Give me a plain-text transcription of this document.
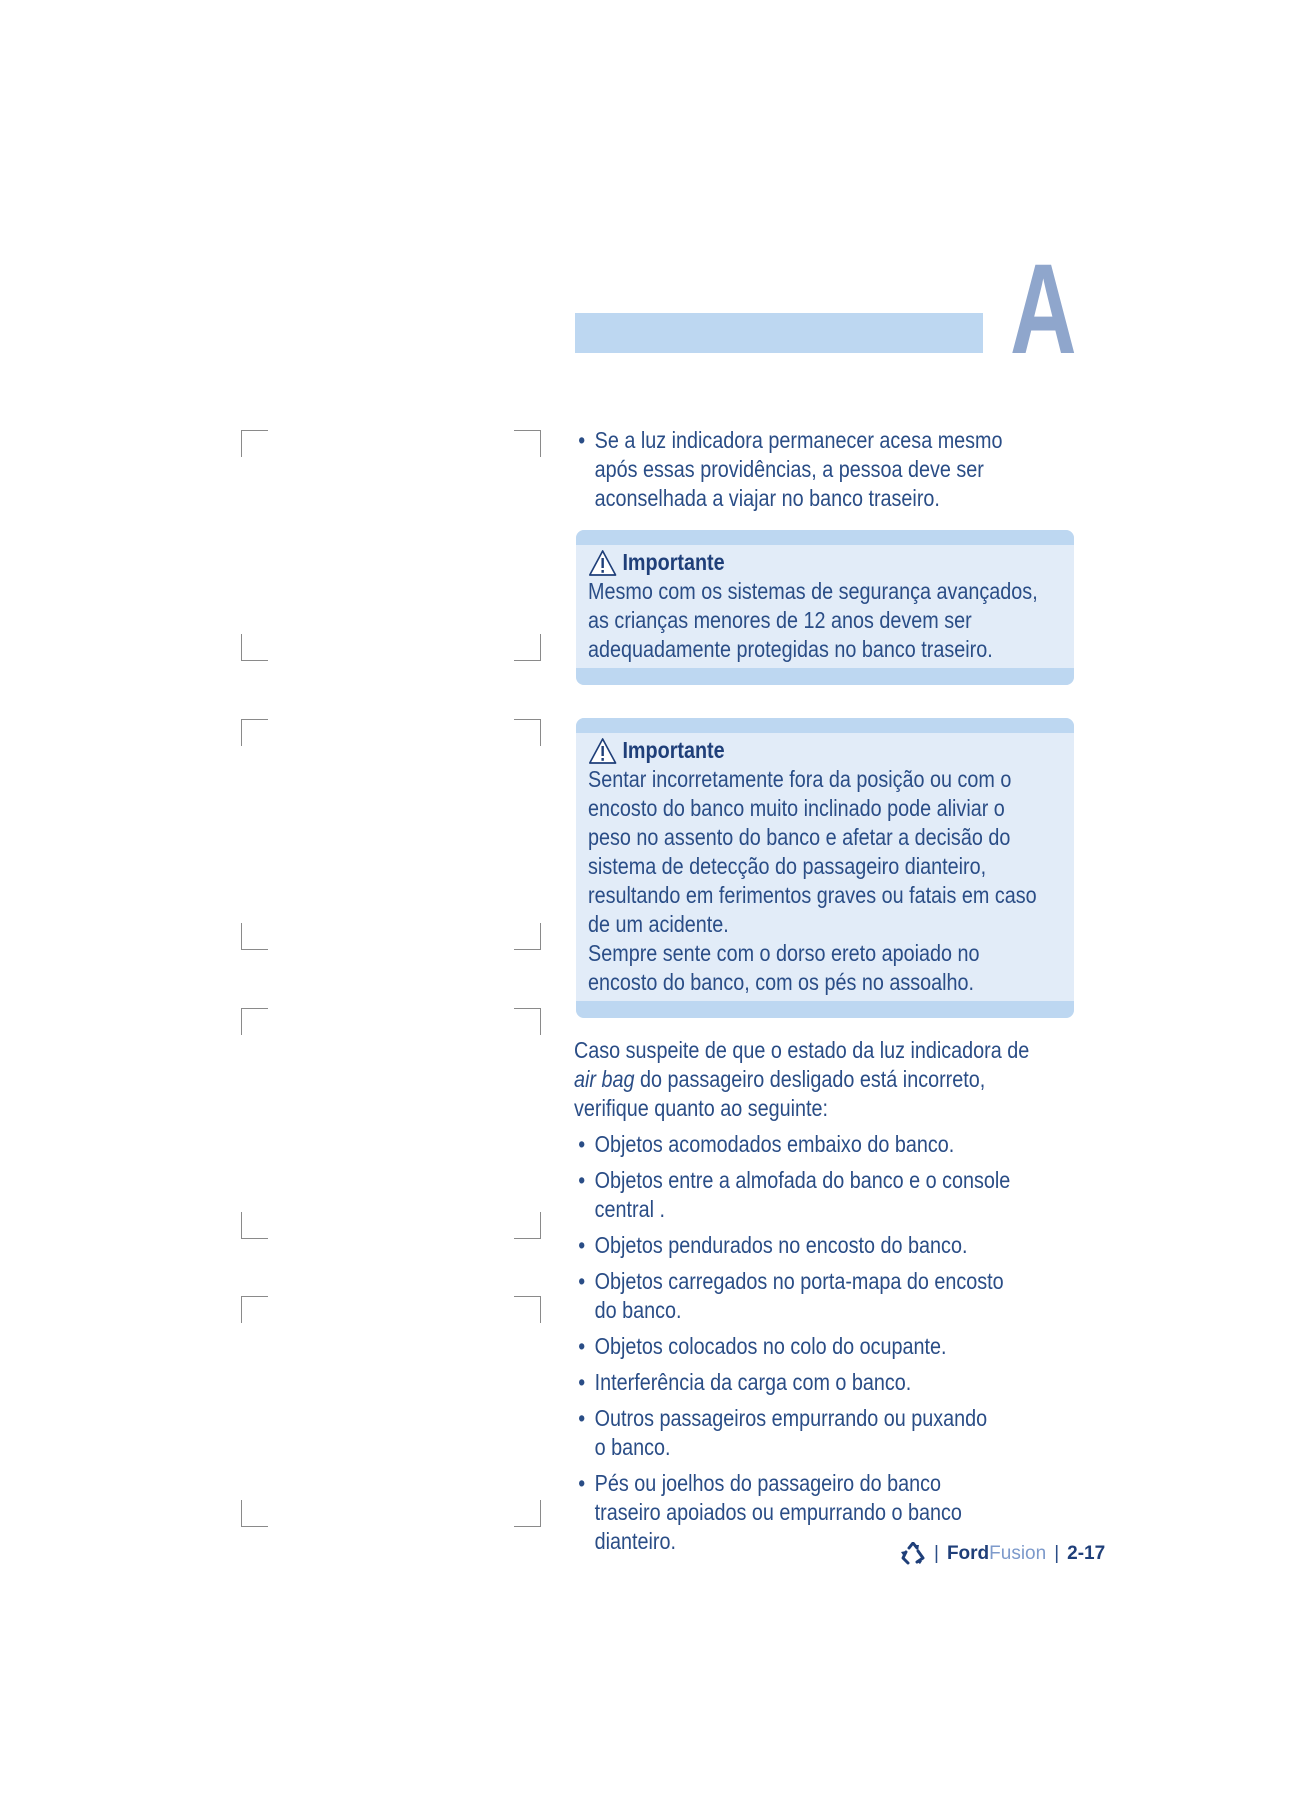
A

• Se a luz indicadora permanecer acesa mesmo após essas providências, a pessoa deve ser aconselhada a viajar no banco traseiro.

Importante
Mesmo com os sistemas de segurança avançados,
as crianças menores de 12 anos devem ser
adequadamente protegidas no banco traseiro.
Importante
Sentar incorretamente fora da posição ou com o
encosto do banco muito inclinado pode aliviar o
peso no assento do banco e afetar a decisão do
sistema de detecção do passageiro dianteiro,
resultando em ferimentos graves ou fatais em caso
de um acidente.
Sempre sente com o dorso ereto apoiado no
encosto do banco, com os pés no assoalho.

Caso suspeite de que o estado da luz indicadora de
air bag do passageiro desligado está incorreto,
verifique quanto ao seguinte:

• Objetos acomodados embaixo do banco.

• Objetos entre a almofada do banco e o console central .

• Objetos pendurados no encosto do banco.

• Objetos carregados no porta-mapa do encosto do banco.

• Objetos colocados no colo do ocupante.

• Interferência da carga com o banco.

• Outros passageiros empurrando ou puxando o banco.

• Pés ou joelhos do passageiro do banco traseiro apoiados ou empurrando o banco dianteiro.	| Ford Fusion | 2-17
